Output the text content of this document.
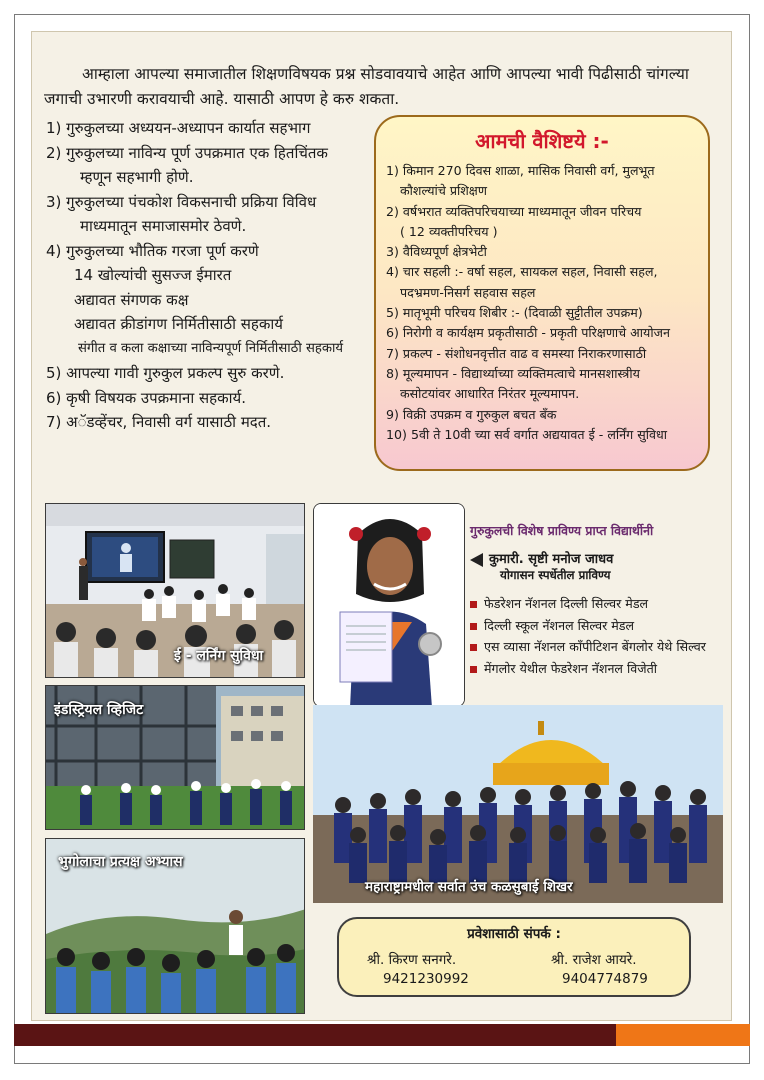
आम्हाला आपल्या समाजातील शिक्षणविषयक प्रश्न सोडवावयाचे आहेत आणि आपल्या भावी पिढीसाठी चांगल्या जगाची उभारणी करावयाची आहे. यासाठी आपण हे करु शकता.

1) गुरुकुलच्या अध्ययन-अध्यापन कार्यात सहभाग
2) गुरुकुलच्या नाविन्य पूर्ण उपक्रमात एक हितचिंतक
म्हणून सहभागी होणे.
3) गुरुकुलच्या पंचकोश विकसनाची प्रक्रिया विविध
माध्यमातून समाजासमोर ठेवणे.
4) गुरुकुलच्या भौतिक गरजा पूर्ण करणे
14 खोल्यांची सुसज्ज ईमारत
अद्यावत संगणक कक्ष
अद्यावत क्रीडांगण निर्मितीसाठी सहकार्य
संगीत व कला कक्षाच्या नाविन्यपूर्ण निर्मितीसाठी सहकार्य
5) आपल्या गावी गुरुकुल प्रकल्प सुरु करणे.
6) कृषी विषयक उपक्रमाना सहकार्य.
7) अॅडव्हेंचर, निवासी वर्ग यासाठी मदत.
आमची वैशिष्टये :-
1) किमान 270 दिवस शाळा, मासिक निवासी वर्ग, मुलभूत
कौशल्यांचे प्रशिक्षण
2) वर्षभरात व्यक्तिपरिचयाच्या माध्यमातून जीवन परिचय
( 12 व्यक्तीपरिचय )
3) वैविध्यपूर्ण क्षेत्रभेटी
4) चार सहली :- वर्षा सहल, सायकल सहल, निवासी सहल,
पदभ्रमण-निसर्ग सहवास सहल
5) मातृभूमी परिचय शिबीर :- (दिवाळी सुट्टीतील उपक्रम)
6) निरोगी व कार्यक्षम प्रकृतीसाठी - प्रकृती परिक्षणाचे आयोजन
7) प्रकल्प - संशोधनवृत्तीत वाढ व समस्या निराकरणासाठी
8) मूल्यमापन - विद्यार्थ्याच्या व्यक्तिमत्वाचे मानसशास्त्रीय
कसोटयांवर आधारित निरंतर मूल्यमापन.
9) विक्री उपक्रम व गुरुकुल बचत बँक
10) 5वी ते 10वी च्या सर्व वर्गात अद्ययावत ई - लर्निंग सुविधा
ई - लर्निंग सुविधा
गुरुकुलची विशेष प्राविण्य प्राप्त विद्यार्थीनी
कुमारी. सृष्टी मनोज जाधव
योगासन स्पर्धेतील प्राविण्य
फेडरेशन नॅशनल दिल्ली सिल्वर मेडल
दिल्ली स्कूल नॅशनल सिल्वर मेडल
एस व्यासा नॅशनल कॉंपीटिशन बेंगलोर येथे सिल्वर
मेंगलोर येथील फेडरेशन नॅशनल विजेती
इंडस्ट्रियल व्हिजिट
महाराष्ट्रामधील सर्वात उंच कळसुबाई शिखर
भुगोलाचा प्रत्यक्ष अभ्यास
प्रवेशासाठी संपर्क :
श्री. किरण सनगरे.
9421230992
श्री. राजेश आयरे.
9404774879
